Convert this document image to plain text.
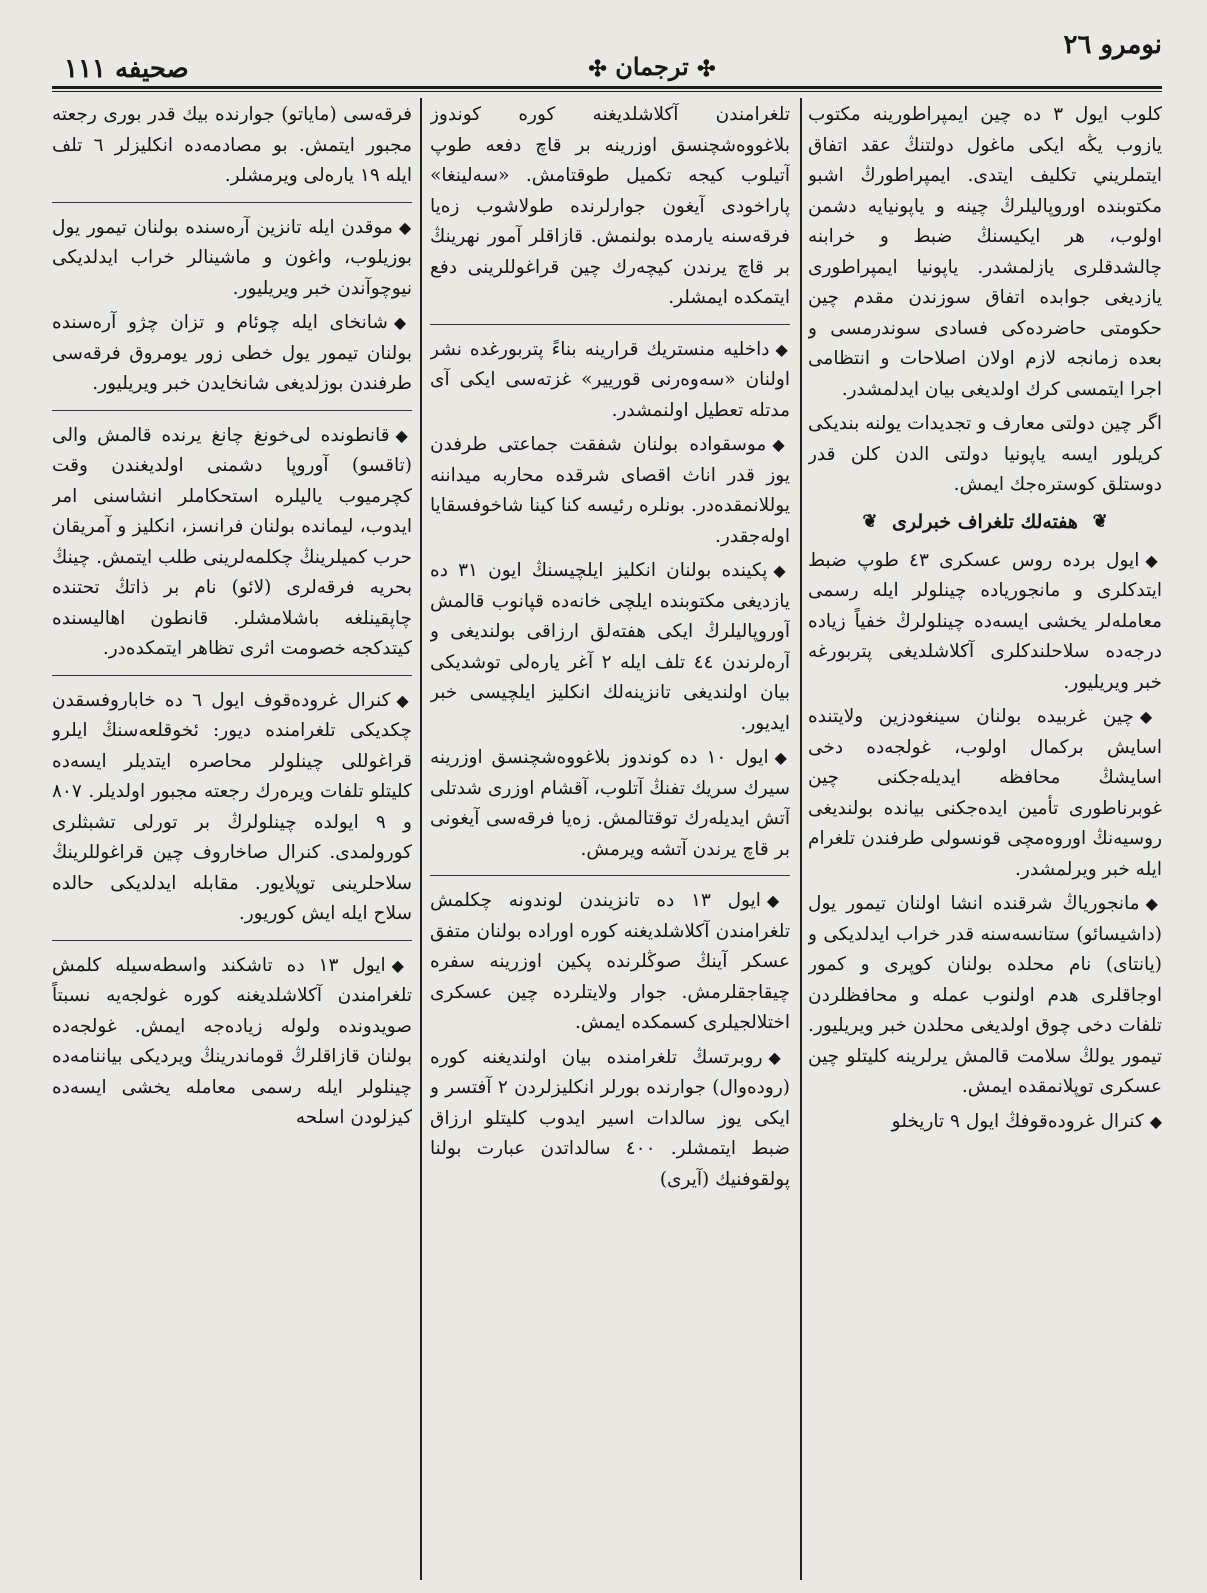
نومرو ٢٦
✣ ترجمان ✣
صحيفه ١١١

كلوب ايول ٣ ده چين ايمپراطورينه مكتوب يازوب يڭه ايكى ماغول دولتنڭ عقد اتفاق ايتملريني تكليف ايتدى. ايمپراطورڭ اشبو مكتوبنده اوروپاليلرڭ چينه و ياپونيايه دشمن اولوب، هر ايكيسنڭ ضبط و خرابنه چالشدقلرى يازلمشدر. ياپونيا ايمپراطورى يازديغى جوابده اتفاق سوزندن مقدم چين حكومتى حاضرده‌كى فسادى سوندرمسى و بعده زمانجه لازم اولان اصلاحات و انتظامى اجرا ايتمسى كرك اولديغى بيان ايدلمشدر.

اگر چين دولتى معارف و تجديدات يولنه بنديكى كريلور ايسه ياپونيا دولتى الدن كلن قدر دوستلق كوسترەجك ايمش.

❦ هفته‌لك تلغراف خبرلرى ❦

◆ايول برده روس عسكرى ٤٣ طوپ ضبط ايتدكلرى و مانجورياده چينلولر ايله رسمى معامله‌لر يخشى ايسەده چينلولرڭ خفياً زياده درجەده سلاحلندكلرى آكلاشلديغى پتربورغه خبر ويريليور.

◆چين غربيده بولنان سينغودزين ولايتنده اسايش بركمال اولوب، غولجەده دخى اسايشڭ محافظه ايديلەجكنى چين غوبرناطورى تأمين ايدەجكنى بيانده بولنديغى روسيەنڭ اوروەمچى قونسولى طرفندن تلغرام ايله خبر ويرلمشدر.

◆مانجورياڭ شرقنده انشا اولنان تيمور يول (داشيسائو) ستانسەسنه قدر خراب ايدلديكى و (يانتاى) نام محلده بولنان كوپرى و كمور اوجاقلرى هدم اولنوب عمله و محافظلردن تلفات دخى چوق اولديغى محلدن خبر ويريليور. تيمور يولڭ سلامت قالمش يرلرينه كليتلو چين عسكرى توپلانمقده ايمش.

◆كنرال غرودەقوفڭ ايول ٩ تاريخلو

تلغرامندن آكلاشلديغنه كوره كوندوز بلاغووەشچنسق اوزرينه بر قاچ دفعه طوپ آتيلوب كيجه تكميل طوقتامش. «سەلينغا» پاراخودى آيغون جوارلرنده طولاشوب زەيا فرقەسنه يارمده بولنمش. قازاقلر آمور نهرينڭ بر قاچ يرندن كيچەرك چين قراغوللرينى دفع ايتمكده ايمشلر.

◆داخليه منستريك قرارينه بناءً پتربورغده نشر اولنان «سەوەرنى قوريير» غزتەسى ايكى آى مدتله تعطيل اولنمشدر.

◆موسقواده بولنان شفقت جماعتى طرفدن يوز قدر اناث اقصاى شرقده محاربه ميداننه يوللانمقدەدر. بونلره رئيسه كنا كينا شاخوفسقايا اولەجقدر.

◆پكينده بولنان انكليز ايلچيسنڭ ايون ٣١ ده يازديغى مكتوبنده ايلچى خانەده قپانوب قالمش آوروپاليلرڭ ايكى هفتەلق ارزاقى بولنديغى و آرەلرندن ٤٤ تلف ايله ٢ آغر يارەلى توشديكى بيان اولنديغى تانزينەلك انكليز ايلچيسى خبر ايديور.

◆ايول ١٠ ده كوندوز بلاغووەشچنسق اوزرينه سيرك سريك تفنڭ آتلوب، آقشام اوزرى شدتلى آتش ايديلەرك توقتالمش. زەيا فرقەسى آيغونى بر قاچ يرندن آتشه ويرمش.

◆ايول ١٣ ده تانزيندن لوندونه چكلمش تلغرامندن آكلاشلديغنه كوره اورادە بولنان متفق عسكر آينڭ صوڭلرنده پكين اوزرينه سفره چيقاجقلرمش. جوار ولايتلرده چين عسكرى اختلالجيلرى كسمكده ايمش.

◆روبرتسڭ تلغرامنده بيان اولنديغنه كوره (رودەوال) جوارنده بورلر انكليزلردن ٢ آفتسر و ايكى يوز سالدات اسير ايدوب كليتلو ارزاق ضبط ايتمشلر. ٤٠٠ سالداتدن عبارت بولنا پولقوفنيك (آيرى)

فرقەسى (ماياتو) جوارنده بيك قدر بورى رجعته مجبور ايتمش. بو مصادمەده انكليزلر ٦ تلف ايله ١٩ يارەلى ويرمشلر.

◆موقدن ايله تانزين آرەسنده بولنان تيمور يول بوزيلوب، واغون و ماشينالر خراب ايدلديكى نيوچوآندن خبر ويريليور.

◆شانخاى ايله چوئام و تزان چژو آرەسنده بولنان تيمور يول خطى زور يومروق فرقەسى طرفندن بوزلديغى شانخايدن خبر ويريليور.

◆قانطونده لى‌خونغ چانغ يرنده قالمش والى (تاقسو) آوروپا دشمنى اولديغندن وقت كچرميوب ياليلره استحكاملر انشاسنى امر ايدوب، ليمانده بولنان فرانسز، انكليز و آمريقان حرب كميلرينڭ چكلمەلرينى طلب ايتمش. چينڭ بحريه فرقەلرى (لائو) نام بر ذاتڭ تحتنده چاپقينلغه باشلامشلر. قانطون اهاليسنده كيتدكجه خصومت اثرى تظاهر ايتمكدەدر.

◆كنرال غرودەقوف ايول ٦ ده خاباروفسقدن چكديكى تلغرامنده ديور: ئخوقلعەسنڭ ايلرو قراغوللى چينلولر محاصره ايتديلر ايسەده كليتلو تلفات ويرەرك رجعته مجبور اولديلر. ٨٠٧ و ٩ ايولده چينلولرڭ بر تورلى تشبثلرى كورولمدى. كنرال صاخاروف چين قراغوللرينڭ سلاحلرينى توپلايور. مقابله ايدلديكى حالده سلاح ايله ايش كوريور.

◆ايول ١٣ ده تاشكند واسطەسيله كلمش تلغرامندن آكلاشلديغنه كوره غولجەيه نسبتاً صويدونده ولوله زيادەجه ايمش. غولجەده بولنان قازاقلرڭ قوماندرينڭ ويرديكى بياننامەده چينلولر ايله رسمى معامله يخشى ايسەده كيزلودن اسلحه
